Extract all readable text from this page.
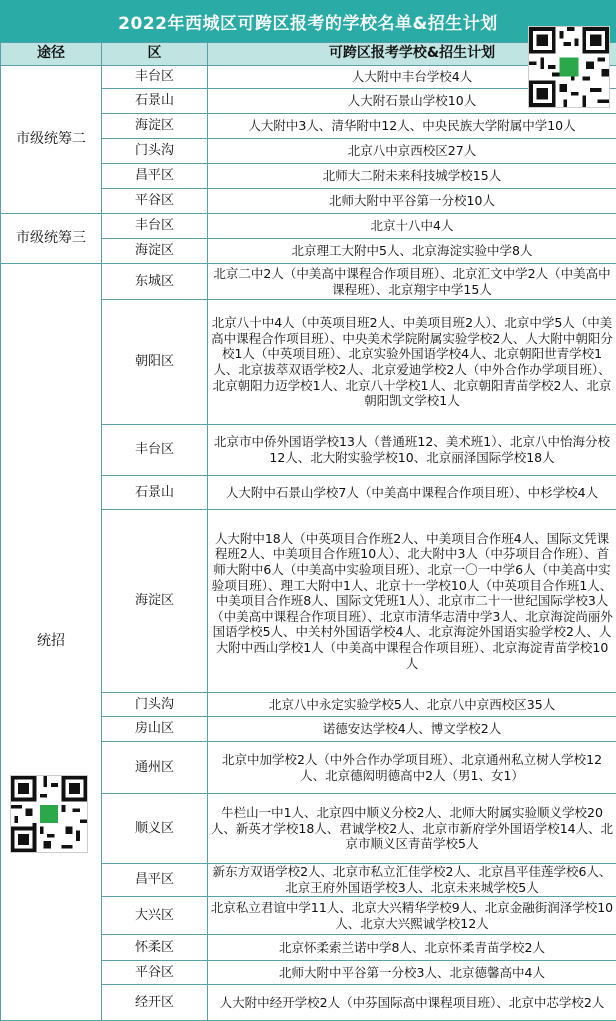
2022年西城区可跨区报考的学校名单&招生计划
途径	区	可跨区报考学校&招生计划
市级统筹二	丰台区	人大附中丰台学校4人
	石景山	人大附石景山学校10人
	海淀区	人大附中3人、清华附中12人、中央民族大学附属中学10人
	门头沟	北京八中京西校区27人
	昌平区	北师大二附未来科技城学校15人
	平谷区	北师大附中平谷第一分校10人
市级统筹三	丰台区	北京十八中4人
	海淀区	北京理工大附中5人、北京海淀实验中学8人
统招	东城区	北京二中2人（中美高中课程合作项目班）、北京汇文中学2人（中美高中课程班）、北京翔宇中学15人
	朝阳区	北京八十中4人（中英项目班2人、中美项目班2人）、北京中学5人（中美高中课程合作项目班）、中央美术学院附属实验学校2人、人大附中朝阳分校1人（中英项目班）、北京实验外国语学校4人、北京朝阳世青学校1人、北京拔萃双语学校2人、北京爱迪学校2人（中外合作办学项目班）、北京朝阳力迈学校1人、北京八十学校1人、北京朝阳青苗学校2人、北京朝阳凯文学校1人
	丰台区	北京市中侨外国语学校13人（普通班12、美术班1）、北京八中怡海分校12人、北大附实验学校10、北京丽泽国际学校18人
	石景山	人大附中石景山学校7人（中美高中课程合作项目班）、中杉学校4人
	海淀区	人大附中18人（中英项目合作班2人、中美项目合作班4人、国际文凭课程班2人、中美项目合作班10人）、北大附中3人（中芬项目合作班）、首师大附中6人（中美高中实验项目班）、北京一〇一中学6人（中美高中实验项目班）、理工大附中1人、北京十一学校10人（中英项目合作班1人、中美项目合作班8人、国际文凭班1人）、北京市二十一世纪国际学校3人（中美高中课程合作项目班）、北京市清华志清中学3人、北京海淀尚丽外国语学校5人、中关村外国语学校4人、北京海淀外国语实验学校2人、人大附中西山学校1人（中美高中课程合作项目班）、北京海淀青苗学校10人
	门头沟	北京八中永定实验学校5人、北京八中京西校区35人
	房山区	诺德安达学校4人、博文学校2人
	通州区	北京中加学校2人（中外合作办学项目班）、北京通州私立树人学校12人、北京德闳明德高中2人（男1、女1）
	顺义区	牛栏山一中1人、北京四中顺义分校2人、北师大附属实验顺义学校20人、新英才学校18人、君诚学校2人、北京市新府学外国语学校14人、北京市顺义区青苗学校5人
	昌平区	新东方双语学校2人、北京市私立汇佳学校2人、北京昌平佳莲学校6人、北京王府外国语学校3人、北京未来城学校5人
	大兴区	北京私立君谊中学11人、北京大兴精华学校9人、北京金融街润泽学校10人、北京大兴熙诚学校12人
	怀柔区	北京怀柔索兰诺中学8人、北京怀柔青苗学校2人
	平谷区	北师大附中平谷第一分校3人、北京德馨高中4人
	经开区	人大附中经开学校2人（中芬国际高中课程项目班）、北京中芯学校2人
